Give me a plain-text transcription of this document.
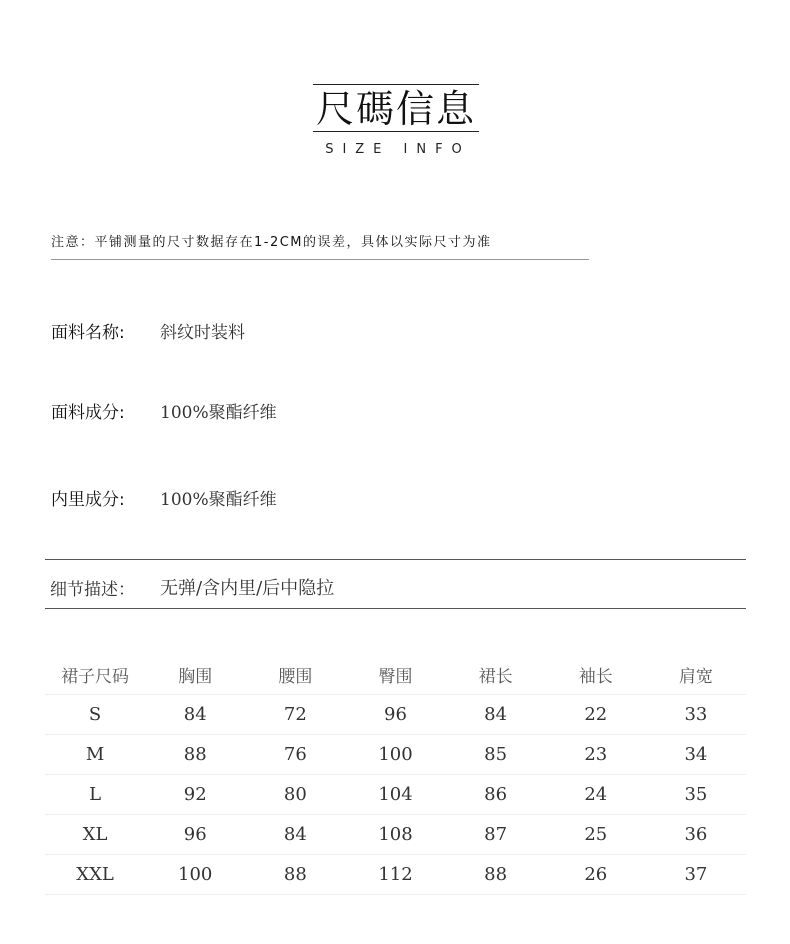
尺碼信息
SIZE INFO
注意：平铺测量的尺寸数据存在1-2CM的误差，具体以实际尺寸为准
面料名称: 斜纹时装料
面料成分: 100%聚酯纤维
内里成分: 100%聚酯纤维
细节描述： 无弹/含内里/后中隐拉
裙子尺码	胸围	腰围	臀围	裙长	袖长	肩宽
S	84	72	96	84	22	33
M	88	76	100	85	23	34
L	92	80	104	86	24	35
XL	96	84	108	87	25	36
XXL	100	88	112	88	26	37
